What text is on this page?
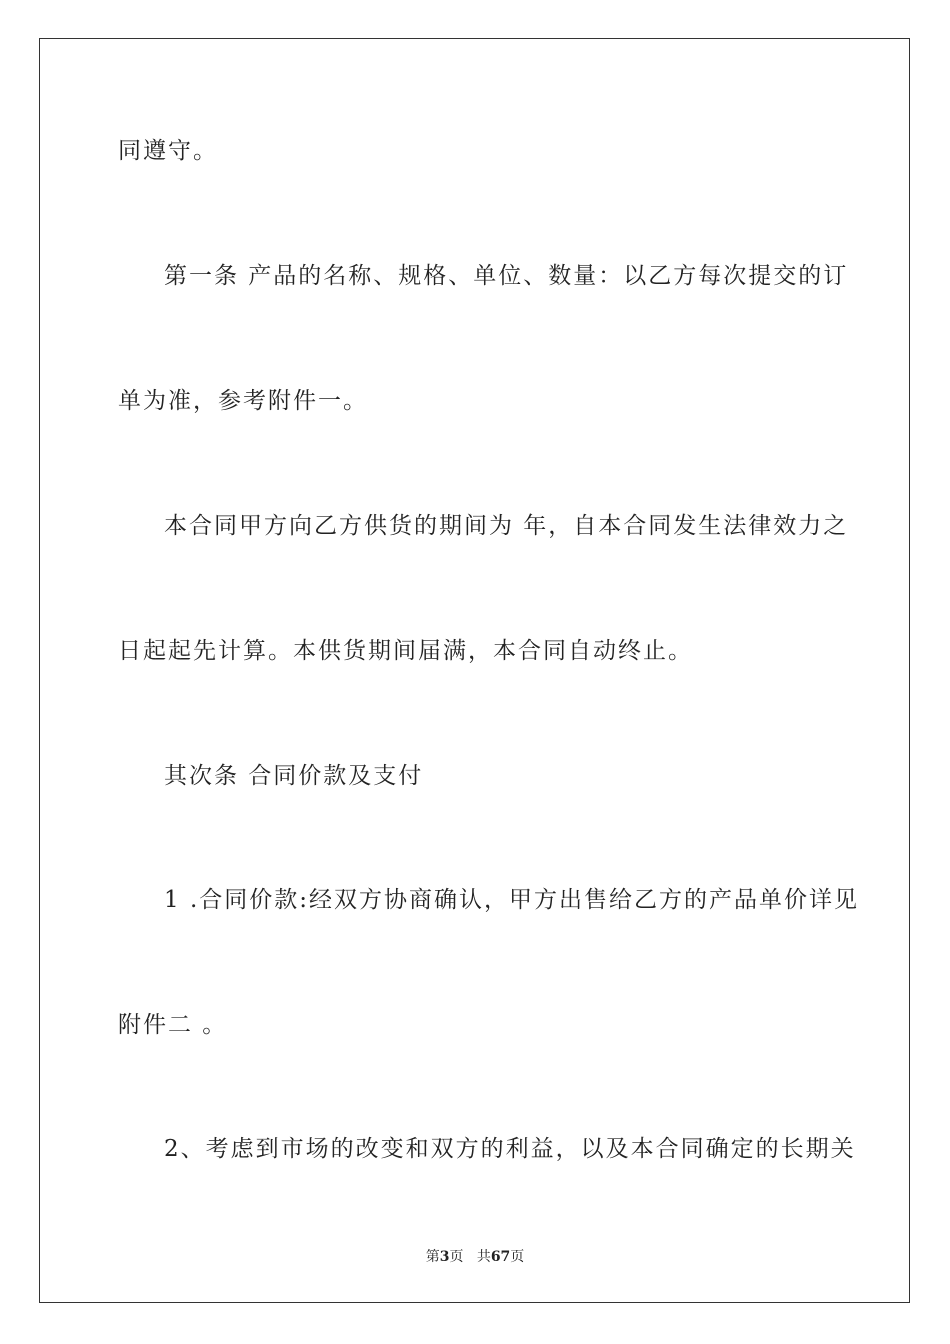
同遵守。
第一条 产品的名称、规格、单位、数量：以乙方每次提交的订
单为准，参考附件一。
本合同甲方向乙方供货的期间为 年，自本合同发生法律效力之
日起起先计算。本供货期间届满，本合同自动终止。
其次条 合同价款及支付
1 .合同价款:经双方协商确认，甲方出售给乙方的产品单价详见
附件二 。
2、考虑到市场的改变和双方的利益，以及本合同确定的长期关
第3页 共67页
